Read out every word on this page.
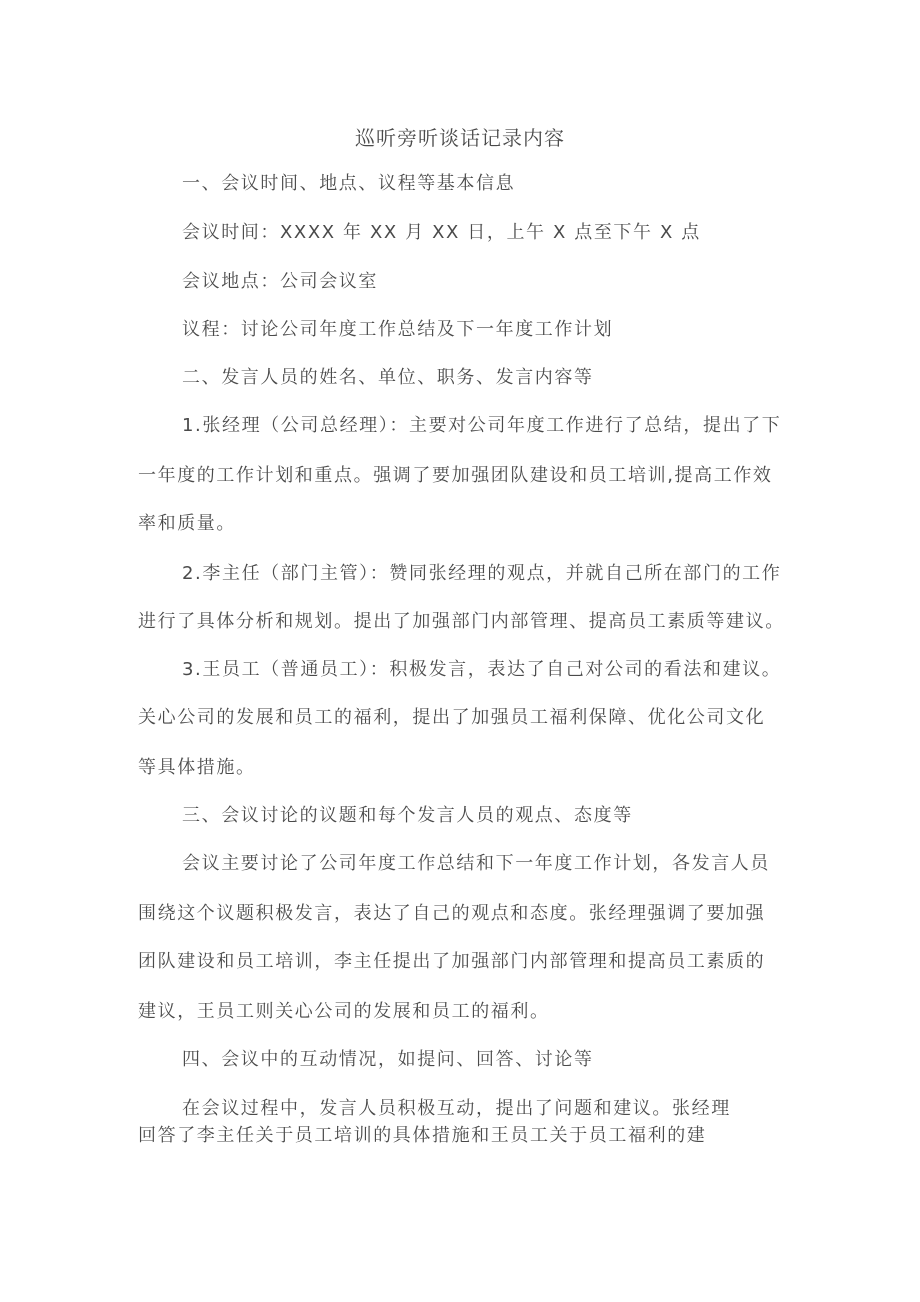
巡听旁听谈话记录内容
一、会议时间、地点、议程等基本信息
会议时间：XXXX 年 XX 月 XX 日，上午 X 点至下午 X 点
会议地点：公司会议室
议程：讨论公司年度工作总结及下一年度工作计划
二、发言人员的姓名、单位、职务、发言内容等
1.张经理（公司总经理）：主要对公司年度工作进行了总结，提出了下
一年度的工作计划和重点。强调了要加强团队建设和员工培训,提高工作效
率和质量。
2.李主任（部门主管）：赞同张经理的观点，并就自己所在部门的工作
进行了具体分析和规划。提出了加强部门内部管理、提高员工素质等建议。
3.王员工（普通员工）：积极发言，表达了自己对公司的看法和建议。
关心公司的发展和员工的福利，提出了加强员工福利保障、优化公司文化
等具体措施。
三、会议讨论的议题和每个发言人员的观点、态度等
会议主要讨论了公司年度工作总结和下一年度工作计划，各发言人员
围绕这个议题积极发言，表达了自己的观点和态度。张经理强调了要加强
团队建设和员工培训，李主任提出了加强部门内部管理和提高员工素质的
建议，王员工则关心公司的发展和员工的福利。
四、会议中的互动情况，如提问、回答、讨论等
在会议过程中，发言人员积极互动，提出了问题和建议。张经理
回答了李主任关于员工培训的具体措施和王员工关于员工福利的建
